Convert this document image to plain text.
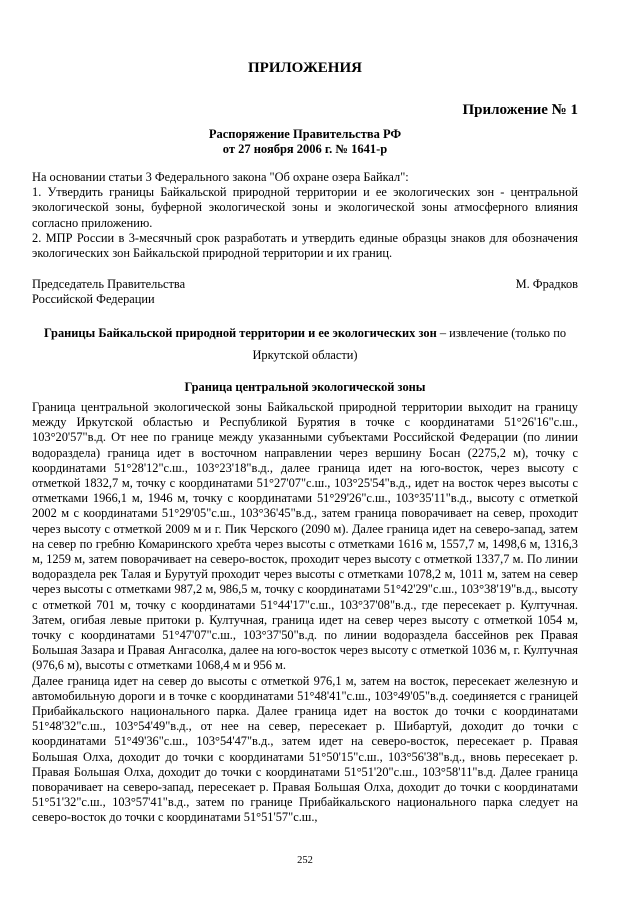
ПРИЛОЖЕНИЯ
Приложение № 1
Распоряжение Правительства РФ
от 27 ноября 2006 г. № 1641-р

На основании статьи 3 Федерального закона "Об охране озера Байкал":

1. Утвердить границы Байкальской природной территории и ее экологических зон - центральной экологической зоны, буферной экологической зоны и экологической зоны атмосферного влияния согласно приложению.

2. МПР России в 3-месячный срок разработать и утвердить единые образцы знаков для обозначения экологических зон Байкальской природной территории и их границ.

Председатель Правительства Российской Федерации
М. Фрадков
Границы Байкальской природной территории и ее экологических зон – извлечение (только по Иркутской области)
Граница центральной экологической зоны

Граница центральной экологической зоны Байкальской природной территории выходит на границу между Иркутской областью и Республикой Бурятия в точке с координатами 51°26'16"с.ш., 103°20'57"в.д. От нее по границе между указанными субъектами Российской Федерации (по линии водораздела) граница идет в восточном направлении через вершину Босан (2275,2 м), точку с координатами 51°28'12"с.ш., 103°23'18"в.д., далее граница идет на юго-восток, через высоту с отметкой 1832,7 м, точку с координатами 51°27'07"с.ш., 103°25'54"в.д., идет на восток через высоты с отметками 1966,1 м, 1946 м, точку с координатами 51°29'26"с.ш., 103°35'11"в.д., высоту с отметкой 2002 м с координатами 51°29'05"с.ш., 103°36'45"в.д., затем граница поворачивает на север, проходит через высоту с отметкой 2009 м и г. Пик Черского (2090 м). Далее граница идет на северо-запад, затем на север по гребню Комаринского хребта через высоты с отметками 1616 м, 1557,7 м, 1498,6 м, 1316,3 м, 1259 м, затем поворачивает на северо-восток, проходит через высоту с отметкой 1337,7 м. По линии водораздела рек Талая и Бурутуй проходит через высоты с отметками 1078,2 м, 1011 м, затем на север через высоты с отметками 987,2 м, 986,5 м, точку с координатами 51°42'29"с.ш., 103°38'19"в.д., высоту с отметкой 701 м, точку с координатами 51°44'17"с.ш., 103°37'08"в.д., где пересекает р. Култучная. Затем, огибая левые притоки р. Култучная, граница идет на север через высоту с отметкой 1054 м, точку с координатами 51°47'07"с.ш., 103°37'50"в.д. по линии водораздела бассейнов рек Правая Большая Зазара и Правая Ангасолка, далее на юго-восток через высоту с отметкой 1036 м, г. Култучная (976,6 м), высоты с отметками 1068,4 м и 956 м.

Далее граница идет на север до высоты с отметкой 976,1 м, затем на восток, пересекает железную и автомобильную дороги и в точке с координатами 51°48'41"с.ш., 103°49'05"в.д. соединяется с границей Прибайкальского национального парка. Далее граница идет на восток до точки с координатами 51°48'32"с.ш., 103°54'49"в.д., от нее на север, пересекает р. Шибартуй, доходит до точки с координатами 51°49'36"с.ш., 103°54'47"в.д., затем идет на северо-восток, пересекает р. Правая Большая Олха, доходит до точки с координатами 51°50'15"с.ш., 103°56'38"в.д., вновь пересекает р. Правая Большая Олха, доходит до точки с координатами 51°51'20"с.ш., 103°58'11"в.д. Далее граница поворачивает на северо-запад, пересекает р. Правая Большая Олха, доходит до точки с координатами 51°51'32"с.ш., 103°57'41"в.д., затем по границе Прибайкальского национального парка следует на северо-восток до точки с координатами 51°51'57"с.ш.,

252
